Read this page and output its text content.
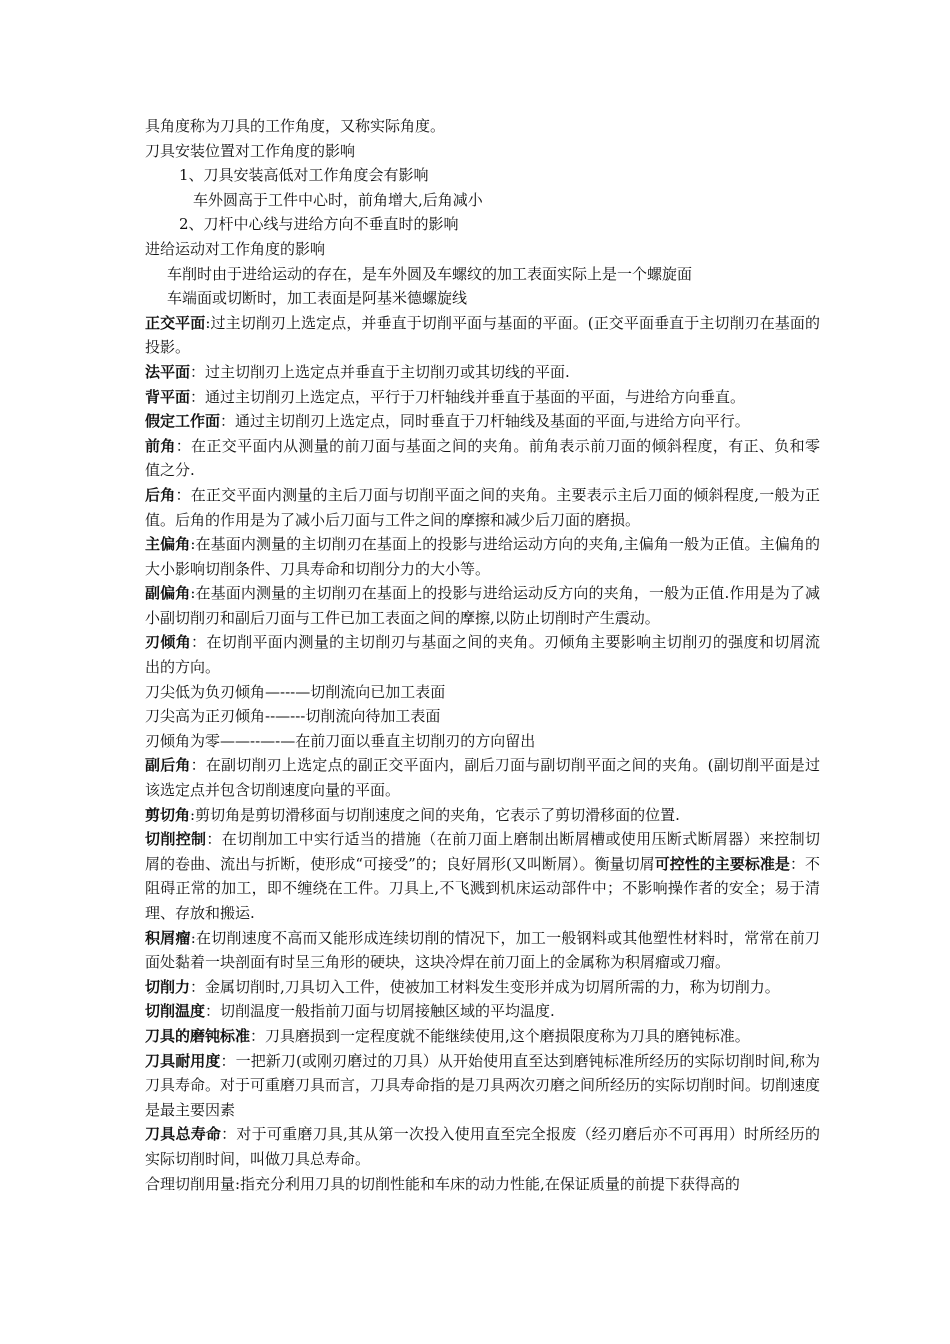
具角度称为刀具的工作角度，又称实际角度。

刀具安装位置对工作角度的影响

1、刀具安装高低对工作角度会有影响

车外圆高于工件中心时，前角增大,后角减小

2、刀杆中心线与进给方向不垂直时的影响

进给运动对工作角度的影响

车削时由于进给运动的存在，是车外圆及车螺纹的加工表面实际上是一个螺旋面

车端面或切断时，加工表面是阿基米德螺旋线

正交平面:过主切削刃上选定点，并垂直于切削平面与基面的平面。(正交平面垂直于主切削刃在基面的投影。

法平面：过主切削刃上选定点并垂直于主切削刃或其切线的平面.

背平面：通过主切削刃上选定点，平行于刀杆轴线并垂直于基面的平面，与进给方向垂直。

假定工作面：通过主切削刃上选定点，同时垂直于刀杆轴线及基面的平面,与进给方向平行。

前角：在正交平面内从测量的前刀面与基面之间的夹角。前角表示前刀面的倾斜程度，有正、负和零值之分.

后角：在正交平面内测量的主后刀面与切削平面之间的夹角。主要表示主后刀面的倾斜程度,一般为正值。后角的作用是为了减小后刀面与工件之间的摩擦和减少后刀面的磨损。

主偏角:在基面内测量的主切削刃在基面上的投影与进给运动方向的夹角,主偏角一般为正值。主偏角的大小影响切削条件、刀具寿命和切削分力的大小等。

副偏角:在基面内测量的主切削刃在基面上的投影与进给运动反方向的夹角，一般为正值.作用是为了减小副切削刃和副后刀面与工件已加工表面之间的摩擦,以防止切削时产生震动。

刃倾角：在切削平面内测量的主切削刃与基面之间的夹角。刃倾角主要影响主切削刃的强度和切屑流出的方向。

刀尖低为负刃倾角—---—切削流向已加工表面

刀尖高为正刃倾角--—---切削流向待加工表面

刃倾角为零——--—-—在前刀面以垂直主切削刃的方向留出

副后角：在副切削刃上选定点的副正交平面内，副后刀面与副切削平面之间的夹角。(副切削平面是过该选定点并包含切削速度向量的平面。

剪切角:剪切角是剪切滑移面与切削速度之间的夹角，它表示了剪切滑移面的位置.

切削控制：在切削加工中实行适当的措施（在前刀面上磨制出断屑槽或使用压断式断屑器）来控制切屑的卷曲、流出与折断，使形成“可接受”的；良好屑形(又叫断屑）。衡量切屑可控性的主要标准是：不阻碍正常的加工，即不缠绕在工件。刀具上,不飞溅到机床运动部件中；不影响操作者的安全；易于清理、存放和搬运.

积屑瘤:在切削速度不高而又能形成连续切削的情况下，加工一般钢料或其他塑性材料时，常常在前刀面处黏着一块剖面有时呈三角形的硬块，这块冷焊在前刀面上的金属称为积屑瘤或刀瘤。

切削力：金属切削时,刀具切入工件，使被加工材料发生变形并成为切屑所需的力，称为切削力。

切削温度：切削温度一般指前刀面与切屑接触区域的平均温度.

刀具的磨钝标准：刀具磨损到一定程度就不能继续使用,这个磨损限度称为刀具的磨钝标准。

刀具耐用度：一把新刀(或刚刃磨过的刀具）从开始使用直至达到磨钝标准所经历的实际切削时间,称为刀具寿命。对于可重磨刀具而言，刀具寿命指的是刀具两次刃磨之间所经历的实际切削时间。切削速度是最主要因素

刀具总寿命：对于可重磨刀具,其从第一次投入使用直至完全报废（经刃磨后亦不可再用）时所经历的实际切削时间，叫做刀具总寿命。

合理切削用量:指充分利用刀具的切削性能和车床的动力性能,在保证质量的前提下获得高的
